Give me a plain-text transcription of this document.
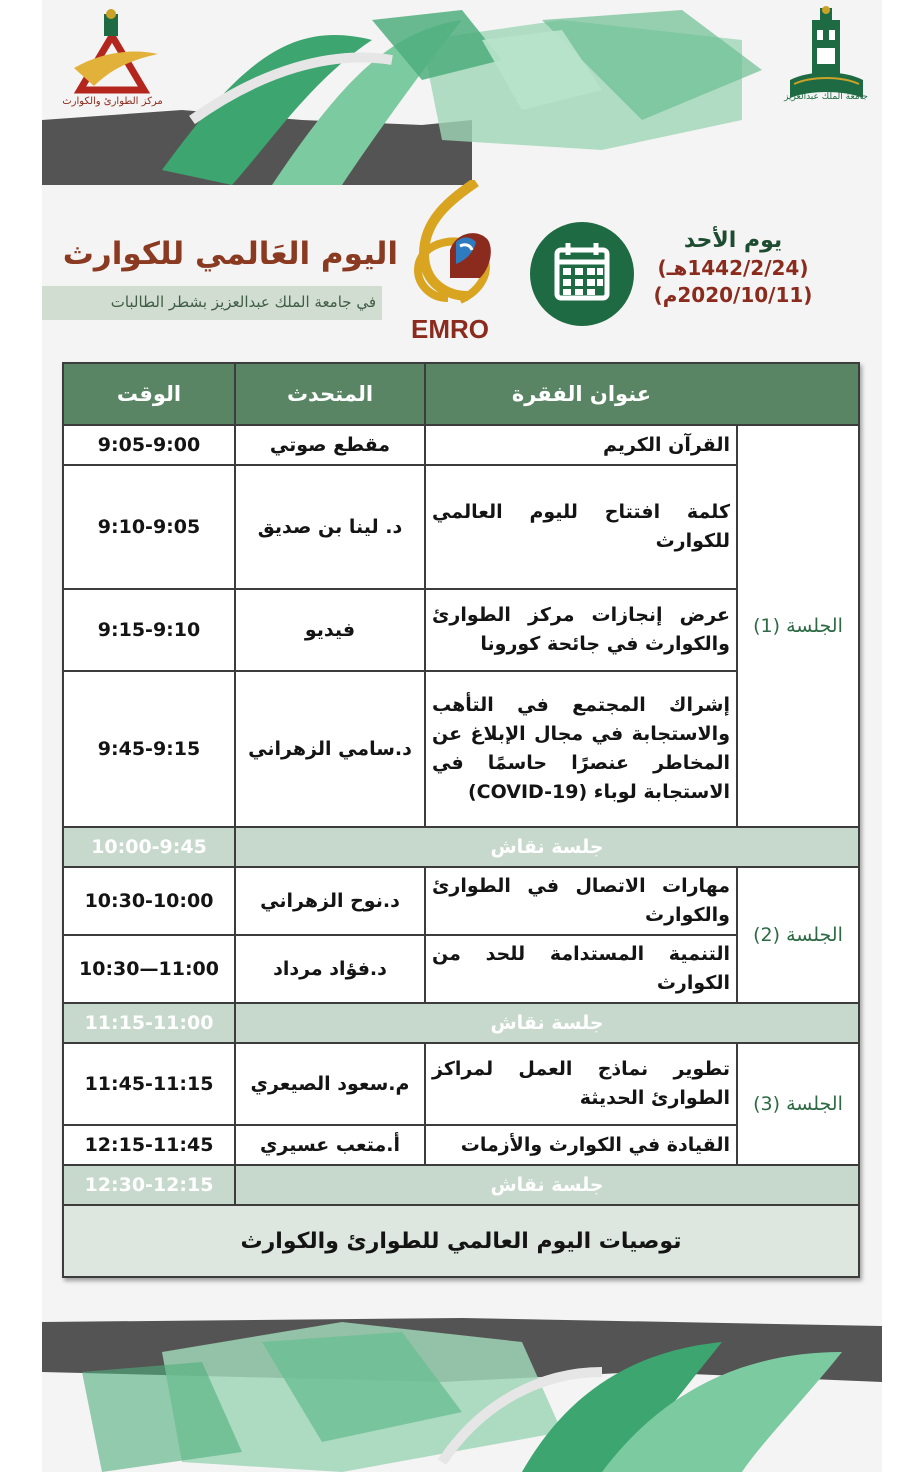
مركز الطوارئ والكوارث	جامعة الملك عبدالعزيز
اليوم العَالمي للكوارث
في جامعة الملك عبدالعزيز بشطر الطالبات
EMRO
يوم الأحد
(1442/2/24هـ)
(2020/10/11م)
	عنوان الفقرة	المتحدث	الوقت
الجلسة (1)	القرآن الكريم	مقطع صوتي	9:05-9:00
	كلمة افتتاح لليوم العالمي للكوارث	د. لينا بن صديق	9:10-9:05
	عرض إنجازات مركز الطوارئ والكوارث في جائحة كورونا	فيديو	9:15-9:10
	إشراك المجتمع في التأهب والاستجابة في مجال الإبلاغ عن المخاطر عنصرًا حاسمًا في الاستجابة لوباء (COVID-19)	د.سامي الزهراني	9:45-9:15
جلسة نقاش			10:00-9:45
الجلسة (2)	مهارات الاتصال في الطوارئ والكوارث	د.نوح الزهراني	10:30-10:00
	التنمية المستدامة للحد من الكوارث	د.فؤاد مرداد	11:00—10:30
جلسة نقاش			11:15-11:00
الجلسة (3)	تطوير نماذج العمل لمراكز الطوارئ الحديثة	م.سعود الصيعري	11:45-11:15
	القيادة في الكوارث والأزمات	أ.متعب عسيري	12:15-11:45
جلسة نقاش			12:30-12:15
توصيات اليوم العالمي للطوارئ والكوارث			
